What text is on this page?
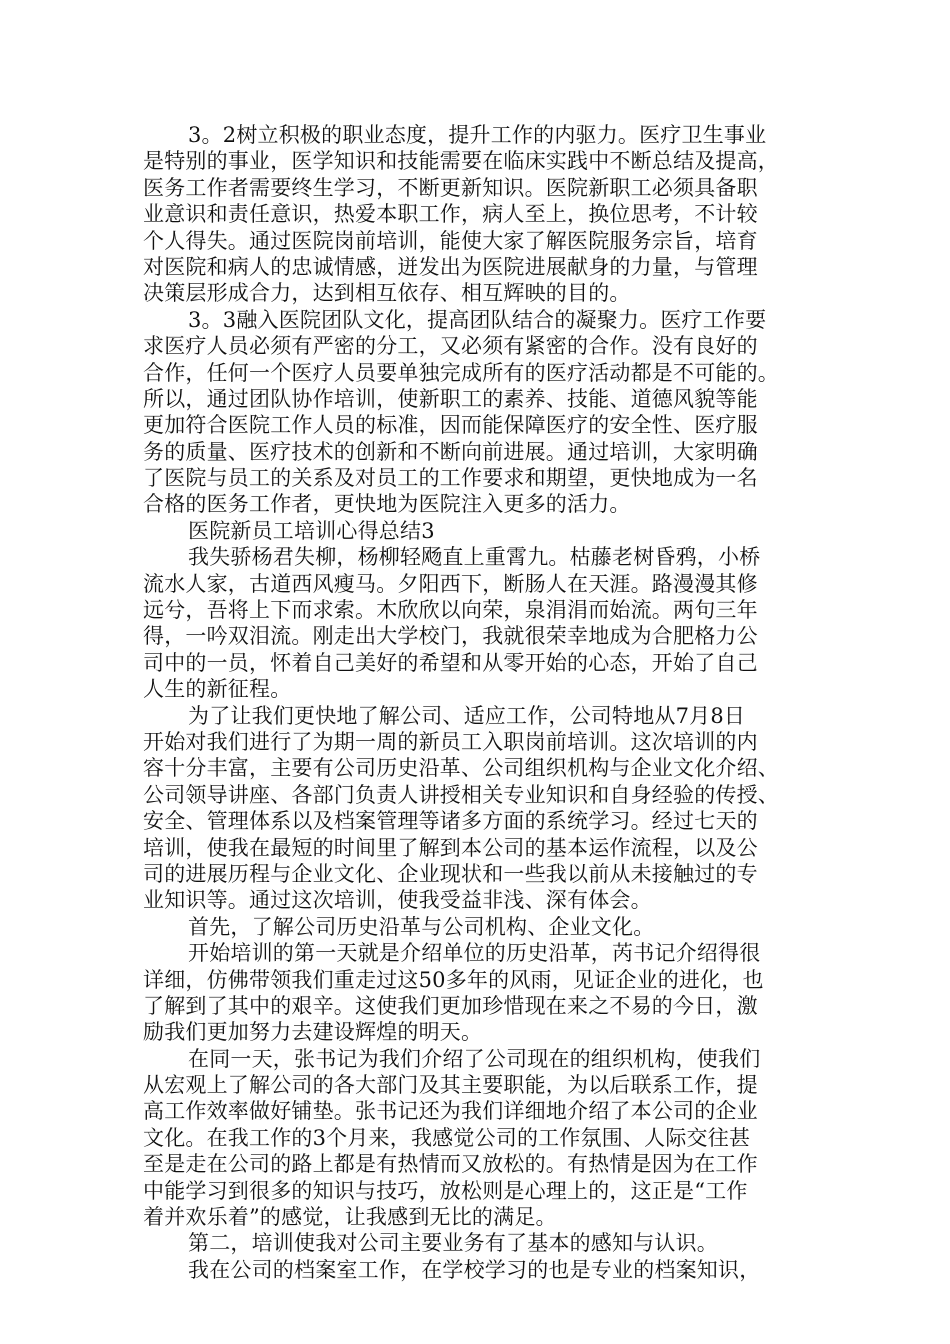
3。2树立积极的职业态度，提升工作的内驱力。医疗卫生事业
是特别的事业，医学知识和技能需要在临床实践中不断总结及提高，
医务工作者需要终生学习，不断更新知识。医院新职工必须具备职
业意识和责任意识，热爱本职工作，病人至上，换位思考，不计较
个人得失。通过医院岗前培训，能使大家了解医院服务宗旨，培育
对医院和病人的忠诚情感，迸发出为医院进展献身的力量，与管理
决策层形成合力，达到相互依存、相互辉映的目的。
3。3融入医院团队文化，提高团队结合的凝聚力。医疗工作要
求医疗人员必须有严密的分工，又必须有紧密的合作。没有良好的
合作，任何一个医疗人员要单独完成所有的医疗活动都是不可能的。
所以，通过团队协作培训，使新职工的素养、技能、道德风貌等能
更加符合医院工作人员的标准，因而能保障医疗的安全性、医疗服
务的质量、医疗技术的创新和不断向前进展。通过培训，大家明确
了医院与员工的关系及对员工的工作要求和期望，更快地成为一名
合格的医务工作者，更快地为医院注入更多的活力。
医院新员工培训心得总结3
我失骄杨君失柳，杨柳轻飏直上重霄九。枯藤老树昏鸦，小桥
流水人家，古道西风瘦马。夕阳西下，断肠人在天涯。路漫漫其修
远兮，吾将上下而求索。木欣欣以向荣，泉涓涓而始流。两句三年
得，一吟双泪流。刚走出大学校门，我就很荣幸地成为合肥格力公
司中的一员，怀着自己美好的希望和从零开始的心态，开始了自己
人生的新征程。
为了让我们更快地了解公司、适应工作，公司特地从7月8日
开始对我们进行了为期一周的新员工入职岗前培训。这次培训的内
容十分丰富，主要有公司历史沿革、公司组织机构与企业文化介绍、
公司领导讲座、各部门负责人讲授相关专业知识和自身经验的传授、
安全、管理体系以及档案管理等诸多方面的系统学习。经过七天的
培训，使我在最短的时间里了解到本公司的基本运作流程，以及公
司的进展历程与企业文化、企业现状和一些我以前从未接触过的专
业知识等。通过这次培训，使我受益非浅、深有体会。
首先，了解公司历史沿革与公司机构、企业文化。
开始培训的第一天就是介绍单位的历史沿革，芮书记介绍得很
详细，仿佛带领我们重走过这50多年的风雨，见证企业的进化，也
了解到了其中的艰辛。这使我们更加珍惜现在来之不易的今日，激
励我们更加努力去建设辉煌的明天。
在同一天，张书记为我们介绍了公司现在的组织机构，使我们
从宏观上了解公司的各大部门及其主要职能，为以后联系工作，提
高工作效率做好铺垫。张书记还为我们详细地介绍了本公司的企业
文化。在我工作的3个月来，我感觉公司的工作氛围、人际交往甚
至是走在公司的路上都是有热情而又放松的。有热情是因为在工作
中能学习到很多的知识与技巧，放松则是心理上的，这正是“工作
着并欢乐着”的感觉，让我感到无比的满足。
第二，培训使我对公司主要业务有了基本的感知与认识。
我在公司的档案室工作，在学校学习的也是专业的档案知识，
